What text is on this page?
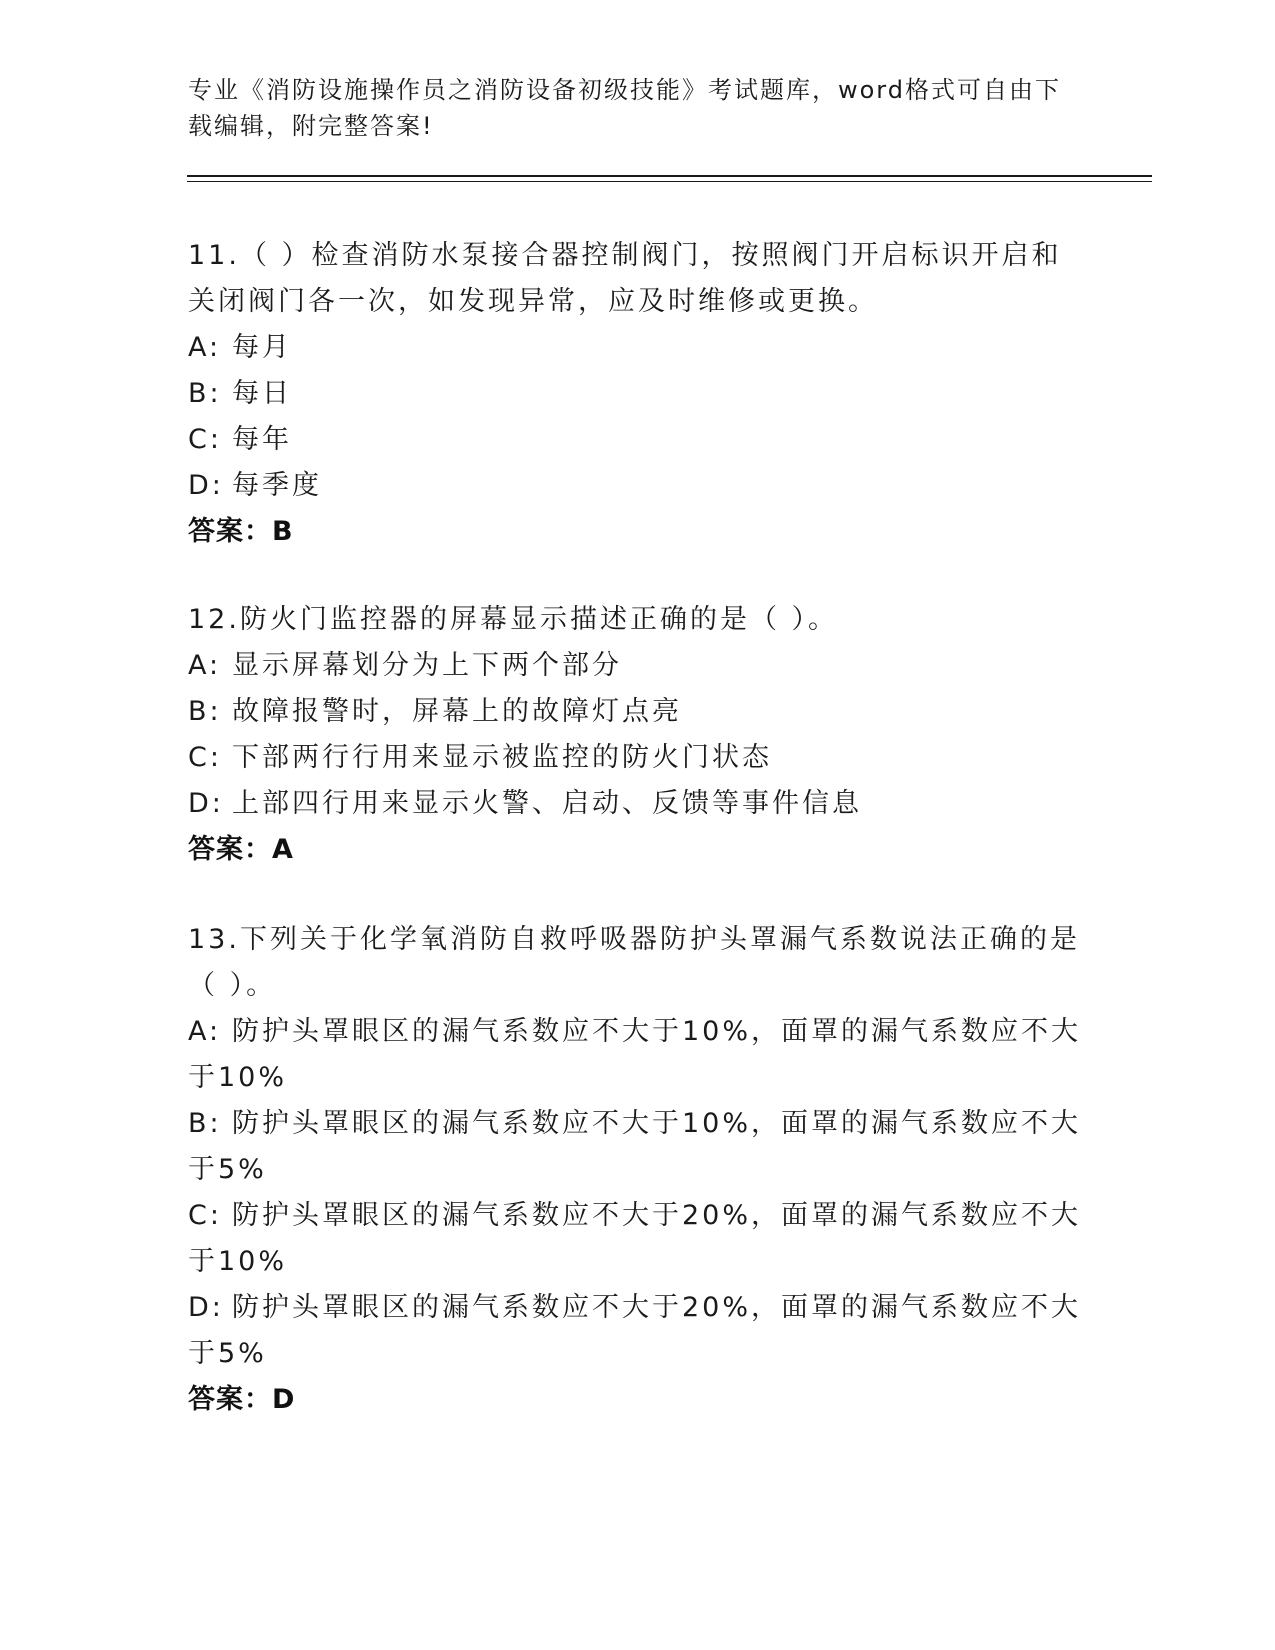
专业《消防设施操作员之消防设备初级技能》考试题库，word格式可自由下载编辑，附完整答案!

11.（ ）检查消防水泵接合器控制阀门，按照阀门开启标识开启和关闭阀门各一次，如发现异常，应及时维修或更换。

A: 每月

B: 每日

C: 每年

D: 每季度

答案：B

12.防火门监控器的屏幕显示描述正确的是（ ）。

A: 显示屏幕划分为上下两个部分

B: 故障报警时，屏幕上的故障灯点亮

C: 下部两行行用来显示被监控的防火门状态

D: 上部四行用来显示火警、启动、反馈等事件信息

答案：A

13.下列关于化学氧消防自救呼吸器防护头罩漏气系数说法正确的是（ ）。

A: 防护头罩眼区的漏气系数应不大于10%，面罩的漏气系数应不大于10%

B: 防护头罩眼区的漏气系数应不大于10%，面罩的漏气系数应不大于5%

C: 防护头罩眼区的漏气系数应不大于20%，面罩的漏气系数应不大于10%

D: 防护头罩眼区的漏气系数应不大于20%，面罩的漏气系数应不大于5%

答案：D
